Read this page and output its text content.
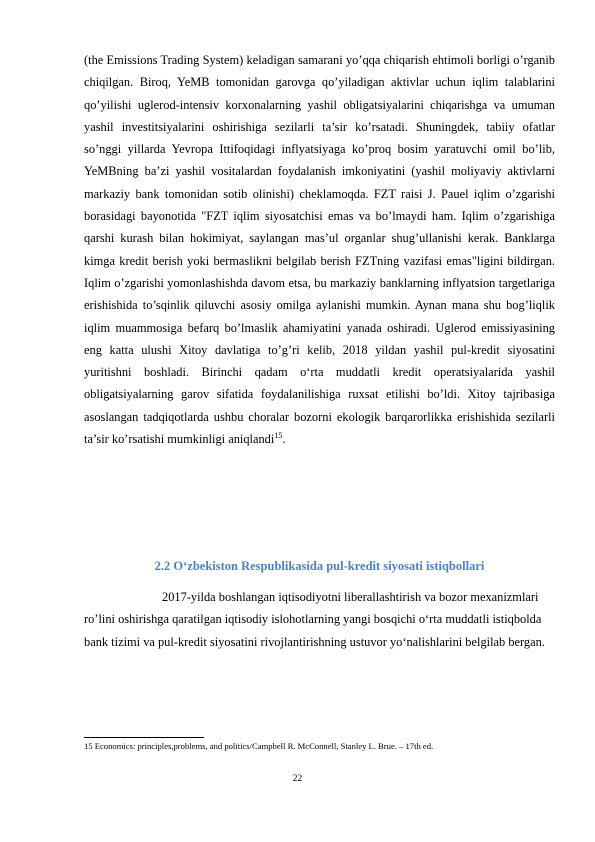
(the Emissions Trading System) keladigan samarani yo’qqa chiqarish ehtimoli borligi o’rganib chiqilgan. Biroq, YeMB tomonidan garovga qo’yiladigan aktivlar uchun iqlim talablarini qo’yilishi uglerod-intensiv korxonalarning yashil obligatsiyalarini chiqarishga va umuman yashil investitsiyalarini oshirishiga sezilarli ta’sir ko’rsatadi. Shuningdek, tabiiy ofatlar so’nggi yillarda Yevropa Ittifoqidagi inflyatsiyaga ko’proq bosim yaratuvchi omil bo’lib, YeMBning ba’zi yashil vositalardan foydalanish imkoniyatini (yashil moliyaviy aktivlarni markaziy bank tomonidan sotib olinishi) cheklamoqda. FZT raisi J. Pauel iqlim o’zgarishi borasidagi bayonotida "FZT iqlim siyosatchisi emas va bo’lmaydi ham. Iqlim o’zgarishiga qarshi kurash bilan hokimiyat, saylangan mas’ul organlar shug’ullanishi kerak. Banklarga kimga kredit berish yoki bermaslikni belgilab berish FZTning vazifasi emas"ligini bildirgan. Iqlim o’zgarishi yomonlashishda davom etsa, bu markaziy banklarning inflyatsion targetlariga erishishida to’sqinlik qiluvchi asosiy omilga aylanishi mumkin. Aynan mana shu bog’liqlik iqlim muammosiga befarq bo’lmaslik ahamiyatini yanada oshiradi. Uglerod emissiyasining eng katta ulushi Xitoy davlatiga to’g’ri kelib, 2018 yildan yashil pul-kredit siyosatini yuritishni boshladi. Birinchi qadam o‘rta muddatli kredit operatsiyalarida yashil obligatsiyalarning garov sifatida foydalanilishiga ruxsat etilishi bo’ldi. Xitoy tajribasiga asoslangan tadqiqotlarda ushbu choralar bozorni ekologik barqarorlikka erishishida sezilarli ta’sir ko’rsatishi mumkinligi aniqlandi$^{15}$.

2.2 O‘zbekiston Respublikasida pul-kredit siyosati istiqbollari

2017-yilda boshlangan iqtisodiyotni liberallashtirish va bozor mexanizmlari ro’lini oshirishga qaratilgan iqtisodiy islohotlarning yangi bosqichi o‘rta muddatli istiqbolda bank tizimi va pul-kredit siyosatini rivojlantirishning ustuvor yo‘nalishlarini belgilab bergan.

15 Economics: principles,problems, and politics/Campbell R. McConnell, Stanley L. Brue. – 17th ed.

22
